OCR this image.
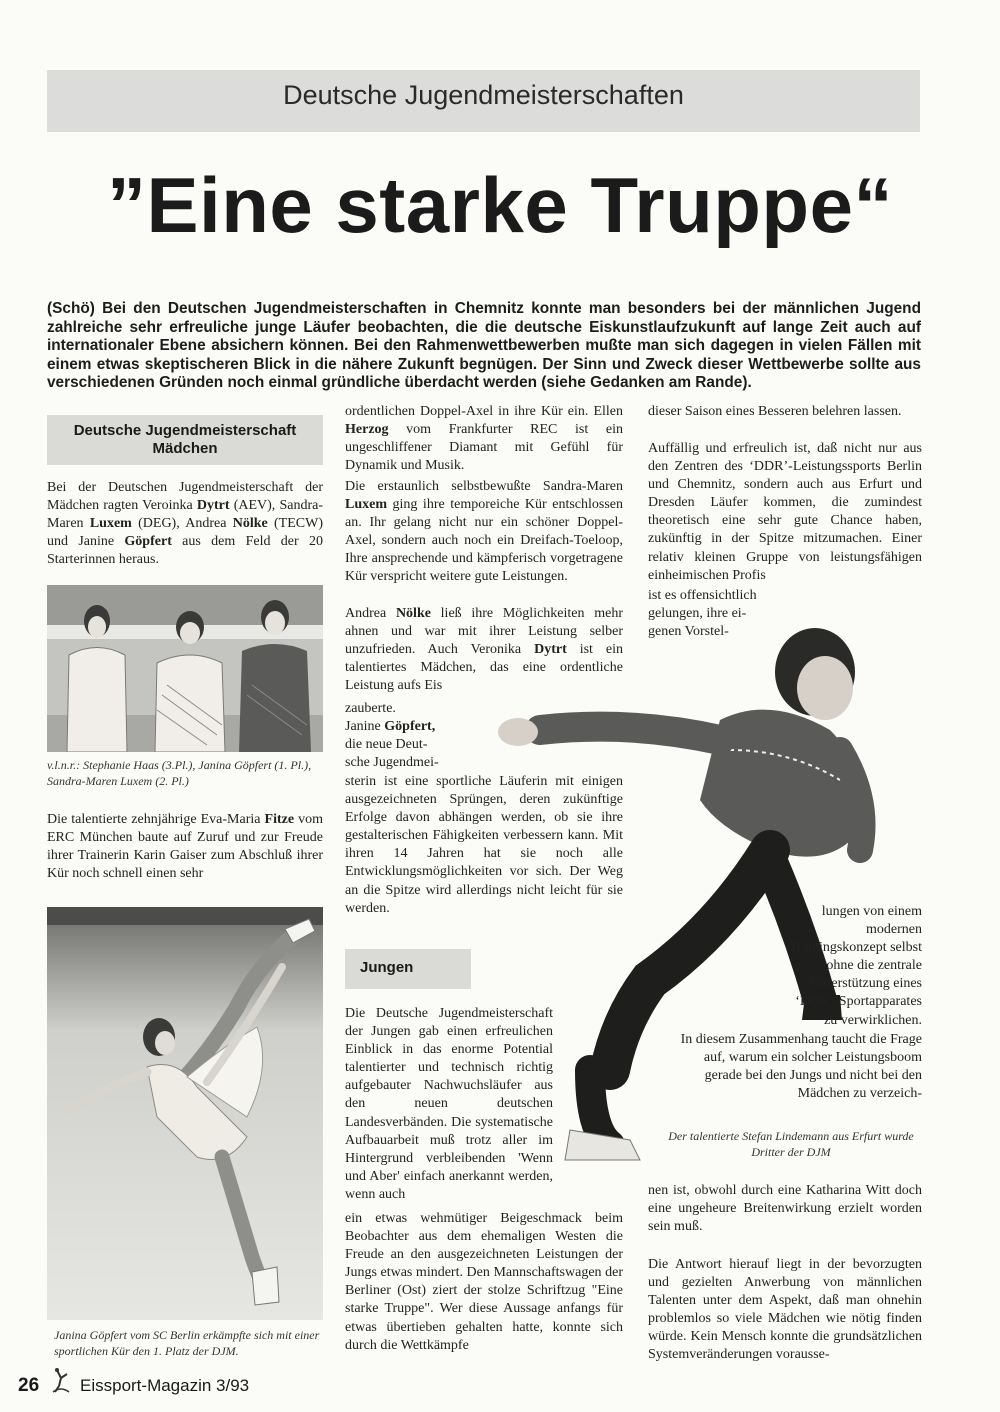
Deutsche Jugendmeisterschaften
”Eine starke Truppe“
(Schö) Bei den Deutschen Jugendmeisterschaften in Chemnitz konnte man besonders bei der männlichen Jugend zahlreiche sehr erfreuliche junge Läufer beobachten, die die deutsche Eiskunstlaufzukunft auf lange Zeit auch auf internationaler Ebene absichern können. Bei den Rahmenwettbewerben mußte man sich dagegen in vielen Fällen mit einem etwas skeptischeren Blick in die nähere Zukunft begnügen. Der Sinn und Zweck dieser Wettbewerbe sollte aus verschiedenen Gründen noch einmal gründliche überdacht werden (siehe Gedanken am Rande).
Deutsche Jugendmeisterschaft
Mädchen
Bei der Deutschen Jugendmeisterschaft der Mädchen ragten Veroinka Dytrt (AEV), Sandra-Maren Luxem (DEG), Andrea Nölke (TECW) und Janine Göpfert aus dem Feld der 20 Starterinnen heraus.
v.l.n.r.: Stephanie Haas (3.Pl.), Janina Göpfert (1. Pl.), Sandra-Maren Luxem (2. Pl.)
Die talentierte zehnjährige Eva-Maria Fitze vom ERC München baute auf Zuruf und zur Freude ihrer Trainerin Karin Gaiser zum Abschluß ihrer Kür noch schnell einen sehr
Janina Göpfert vom SC Berlin erkämpfte sich mit einer sportlichen Kür den 1. Platz der DJM.
ordentlichen Doppel-Axel in ihre Kür ein. Ellen Herzog vom Frankfurter REC ist ein ungeschliffener Diamant mit Gefühl für Dynamik und Musik.
Die erstaunlich selbstbewußte Sandra-Maren Luxem ging ihre temporeiche Kür entschlossen an. Ihr gelang nicht nur ein schöner Doppel-Axel, sondern auch noch ein Dreifach-Toeloop, Ihre ansprechende und kämpferisch vorgetragene Kür verspricht weitere gute Leistungen.
Andrea Nölke ließ ihre Möglichkeiten mehr ahnen und war mit ihrer Leistung selber unzufrieden. Auch Veronika Dytrt ist ein talentiertes Mädchen, das eine ordentliche Leistung aufs Eis
zauberte.
Janine Göpfert,
die neue Deut-
sche Jugendmei-
sterin ist eine sportliche Läuferin mit einigen ausgezeichneten Sprüngen, deren zukünftige Erfolge davon abhängen werden, ob sie ihre gestalterischen Fähigkeiten verbessern kann. Mit ihren 14 Jahren hat sie noch alle Entwicklungsmöglichkeiten vor sich. Der Weg an die Spitze wird allerdings nicht leicht für sie werden.
Jungen
Die Deutsche Jugendmeisterschaft der Jungen gab einen erfreulichen Einblick in das enorme Potential talentierter und technisch richtig aufgebauter Nachwuchsläufer aus den neuen deutschen Landesverbänden. Die systematische Aufbauarbeit muß trotz aller im Hintergrund verbleibenden 'Wenn und Aber' einfach anerkannt werden, wenn auch
ein etwas wehmütiger Beigeschmack beim Beobachter aus dem ehemaligen Westen die Freude an den ausgezeichneten Leistungen der Jungs etwas mindert. Den Mannschaftswagen der Berliner (Ost) ziert der stolze Schriftzug "Eine starke Truppe". Wer diese Aussage anfangs für etwas übertieben gehalten hatte, konnte sich durch die Wettkämpfe
dieser Saison eines Besseren belehren lassen.
Auffällig und erfreulich ist, daß nicht nur aus den Zentren des ‘DDR’-Leistungssports Berlin und Chemnitz, sondern auch aus Erfurt und Dresden Läufer kommen, die zumindest theoretisch eine sehr gute Chance haben, zukünftig in der Spitze mitzumachen. Einer relativ kleinen Gruppe von leistungsfähigen einheimischen Profis
ist es offensichtlich
gelungen, ihre ei-
genen Vorstel-
lungen von einem modernen Trainingskonzept selbst ohne die zentrale Unterstützung eines ‘DDR’-Sportapparates zu verwirklichen.
In diesem Zusammenhang taucht die Frage auf, warum ein solcher Leistungsboom gerade bei den Jungs und nicht bei den Mädchen zu verzeich-
Der talentierte Stefan Lindemann aus Erfurt wurde Dritter der DJM
nen ist, obwohl durch eine Katharina Witt doch eine ungeheure Breitenwirkung erzielt worden sein muß.
Die Antwort hierauf liegt in der bevorzugten und gezielten Anwerbung von männlichen Talenten unter dem Aspekt, daß man ohnehin problemlos so viele Mädchen wie nötig finden würde. Kein Mensch konnte die grundsätzlichen Systemveränderungen vorausse-
26 Eissport-Magazin 3/93
